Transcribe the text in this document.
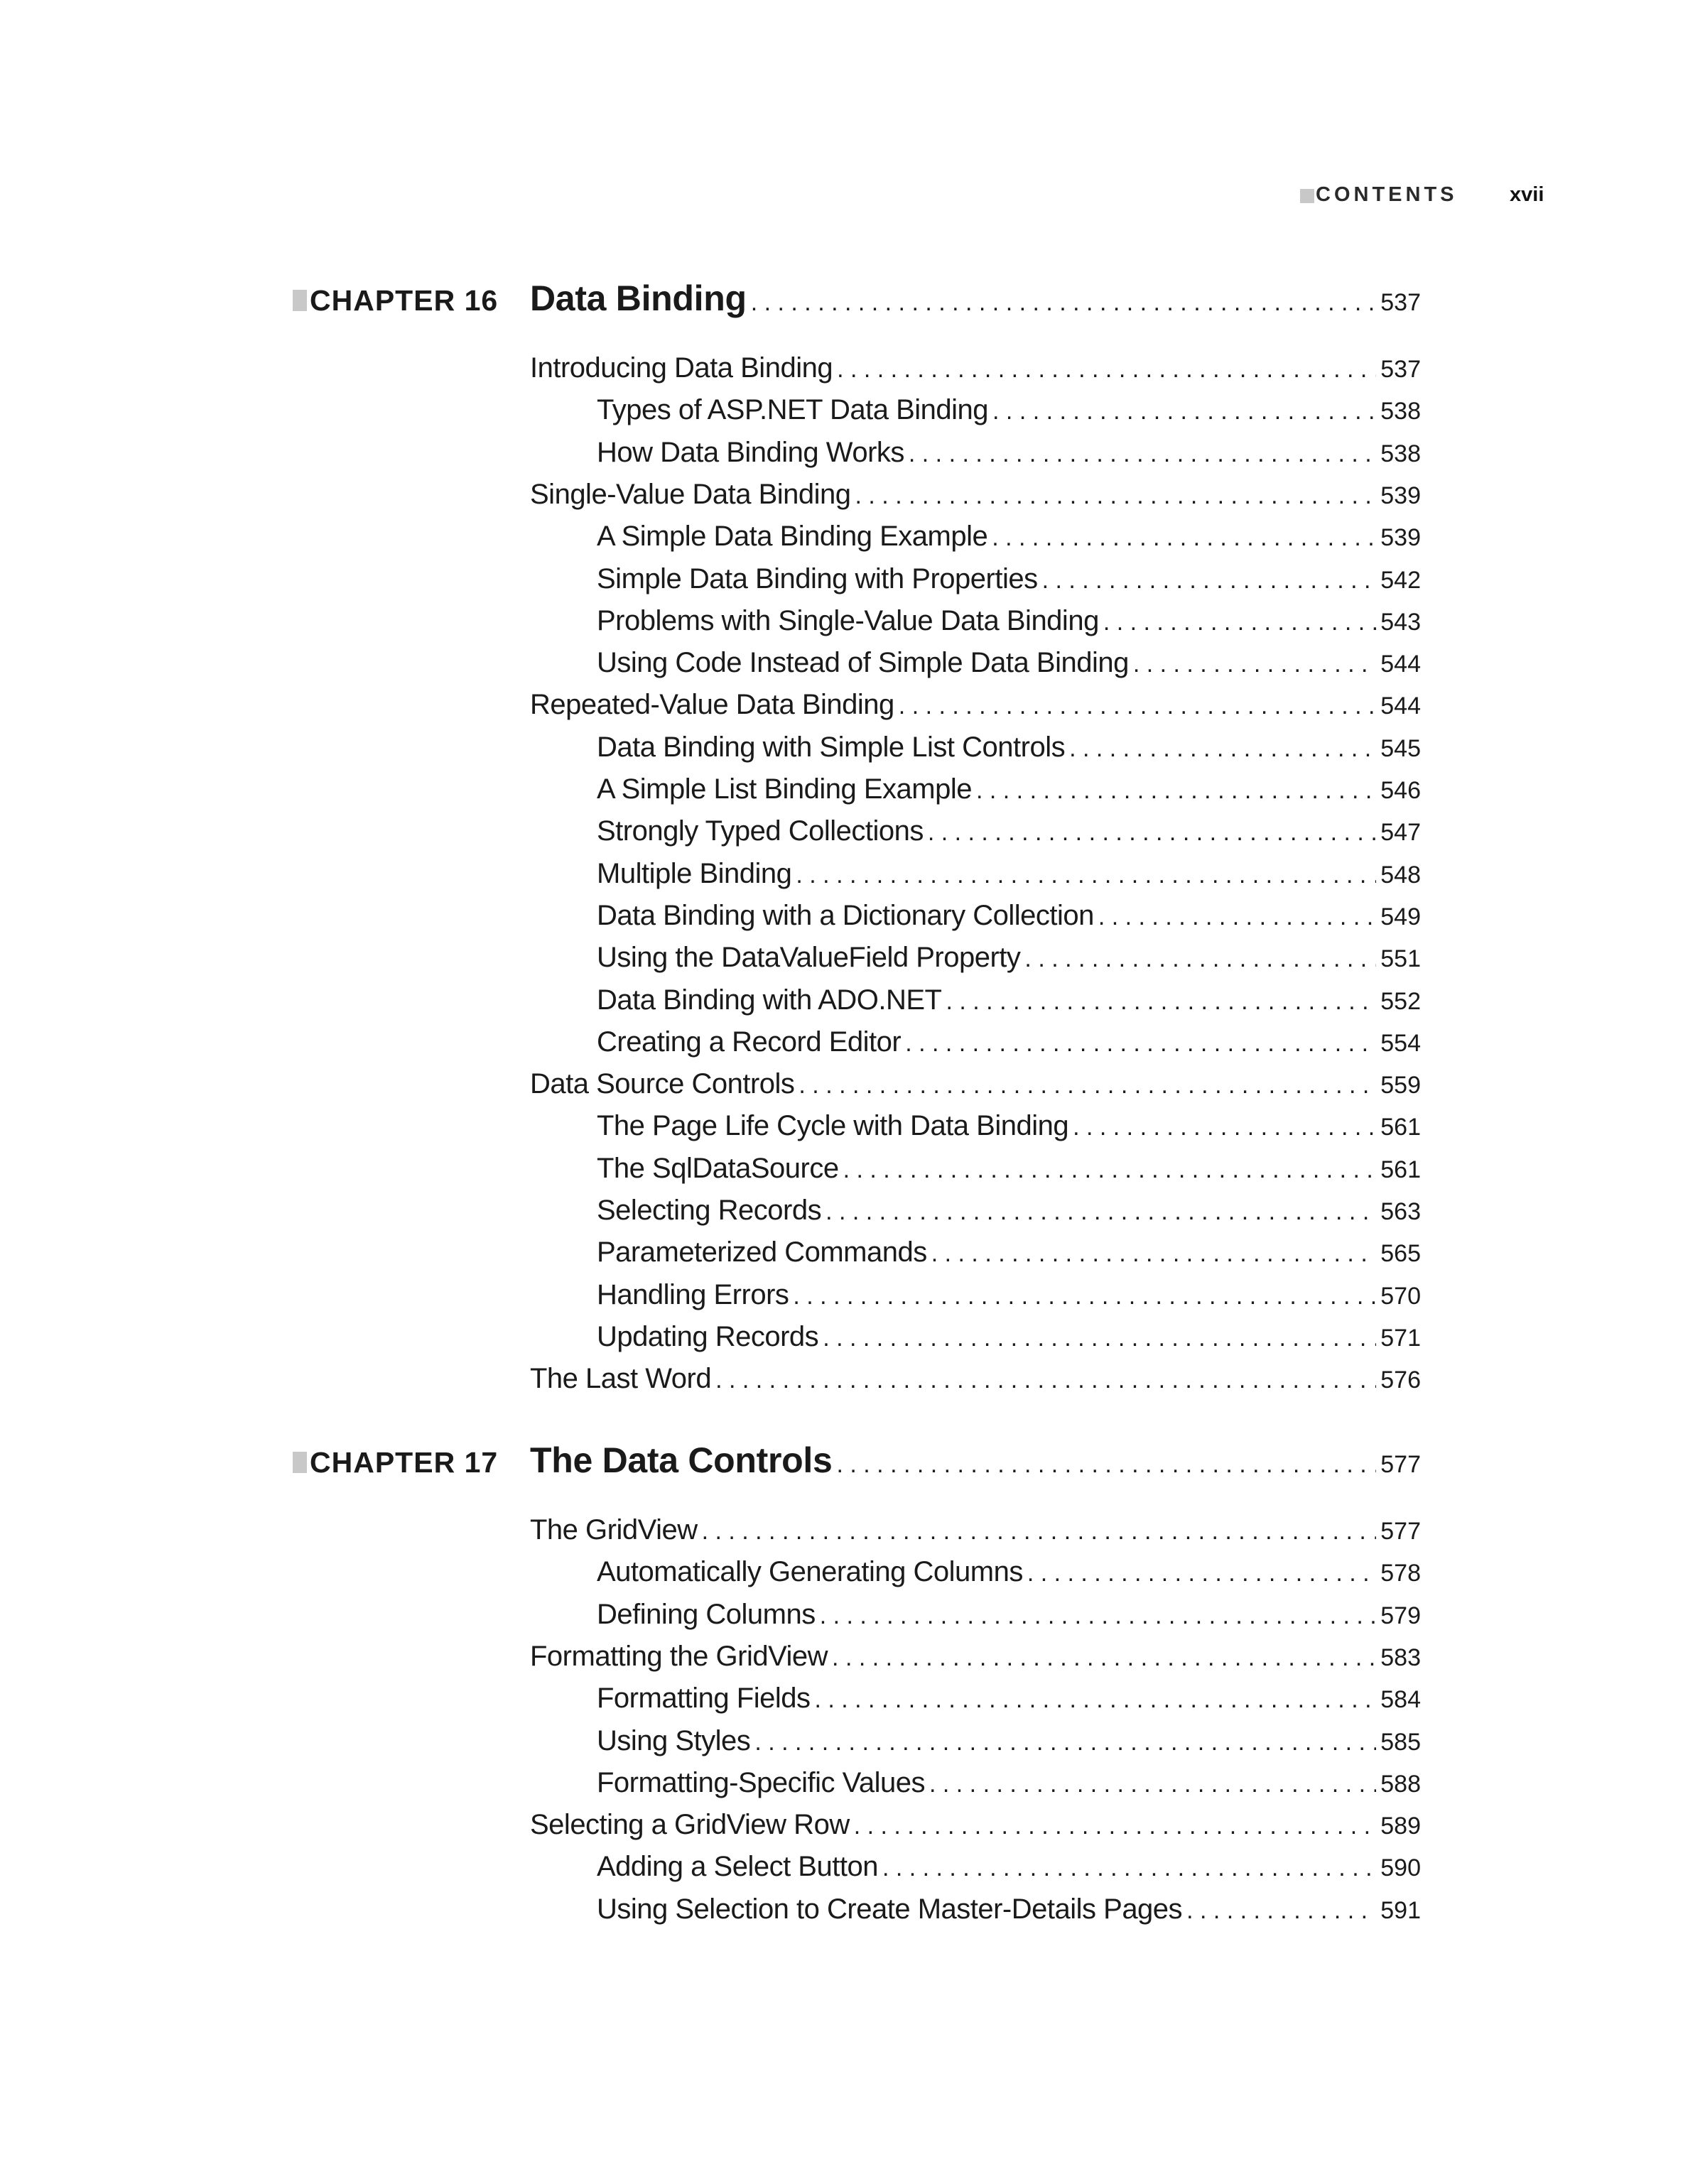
CONTENTS	xvii
CHAPTER 16 Data Binding . . .	537
Introducing Data Binding . . .	537
Types of ASP.NET Data Binding . . .	538
How Data Binding Works . . .	538
Single-Value Data Binding . . .	539
A Simple Data Binding Example . . .	539
Simple Data Binding with Properties . . .	542
Problems with Single-Value Data Binding . . .	543
Using Code Instead of Simple Data Binding . . .	544
Repeated-Value Data Binding . . .	544
Data Binding with Simple List Controls . . .	545
A Simple List Binding Example . . .	546
Strongly Typed Collections . . .	547
Multiple Binding . . .	548
Data Binding with a Dictionary Collection . . .	549
Using the DataValueField Property . . .	551
Data Binding with ADO.NET . . .	552
Creating a Record Editor . . .	554
Data Source Controls . . .	559
The Page Life Cycle with Data Binding . . .	561
The SqlDataSource . . .	561
Selecting Records . . .	563
Parameterized Commands . . .	565
Handling Errors . . .	570
Updating Records . . .	571
The Last Word . . .	576
CHAPTER 17 The Data Controls . . .	577
The GridView . . .	577
Automatically Generating Columns . . .	578
Defining Columns . . .	579
Formatting the GridView . . .	583
Formatting Fields . . .	584
Using Styles . . .	585
Formatting-Specific Values . . .	588
Selecting a GridView Row . . .	589
Adding a Select Button . . .	590
Using Selection to Create Master-Details Pages . . .	591
